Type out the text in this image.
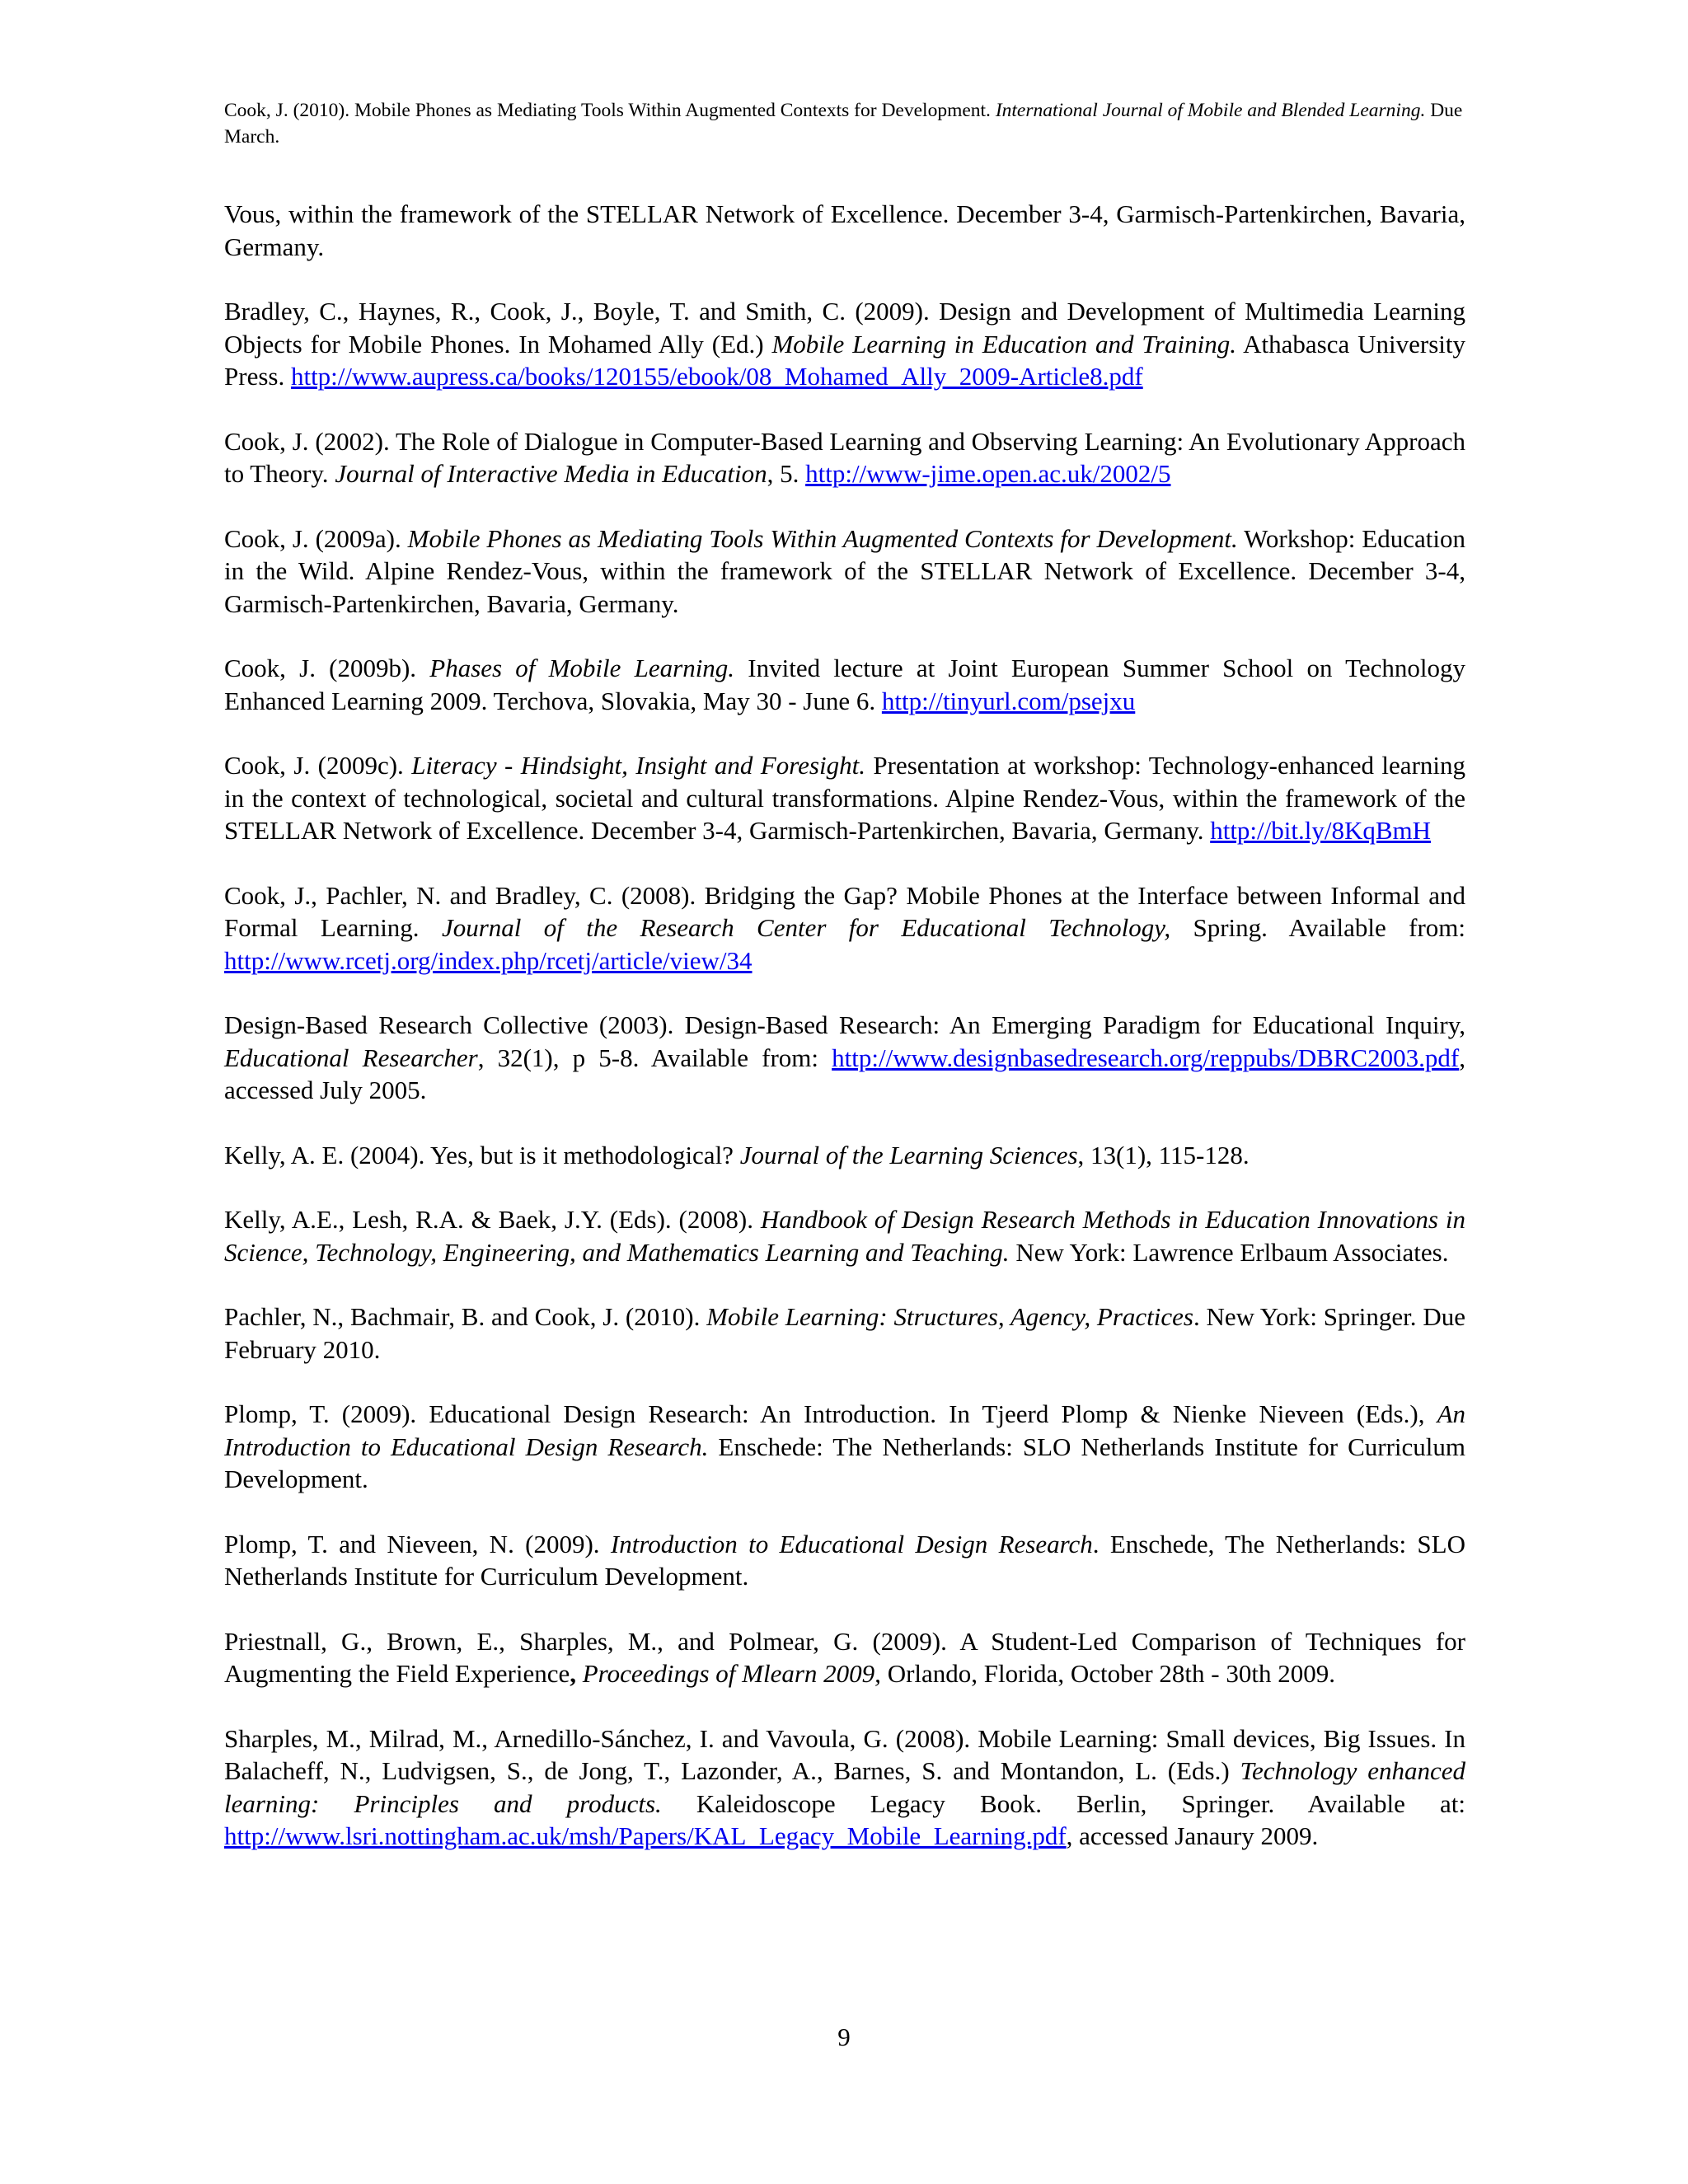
Cook, J. (2010). Mobile Phones as Mediating Tools Within Augmented Contexts for Development. International Journal of Mobile and Blended Learning. Due March.

Vous, within the framework of the STELLAR Network of Excellence. December 3-4, Garmisch-Partenkirchen, Bavaria, Germany.

Bradley, C., Haynes, R., Cook, J., Boyle, T. and Smith, C. (2009). Design and Development of Multimedia Learning Objects for Mobile Phones. In Mohamed Ally (Ed.) Mobile Learning in Education and Training. Athabasca University Press. http://www.aupress.ca/books/120155/ebook/08_Mohamed_Ally_2009-Article8.pdf

Cook, J. (2002). The Role of Dialogue in Computer-Based Learning and Observing Learning: An Evolutionary Approach to Theory. Journal of Interactive Media in Education, 5. http://www-jime.open.ac.uk/2002/5

Cook, J. (2009a). Mobile Phones as Mediating Tools Within Augmented Contexts for Development. Workshop: Education in the Wild. Alpine Rendez-Vous, within the framework of the STELLAR Network of Excellence. December 3-4, Garmisch-Partenkirchen, Bavaria, Germany.

Cook, J. (2009b). Phases of Mobile Learning. Invited lecture at Joint European Summer School on Technology Enhanced Learning 2009. Terchova, Slovakia, May 30 - June 6. http://tinyurl.com/psejxu

Cook, J. (2009c). Literacy - Hindsight, Insight and Foresight. Presentation at workshop: Technology-enhanced learning in the context of technological, societal and cultural transformations. Alpine Rendez-Vous, within the framework of the STELLAR Network of Excellence. December 3-4, Garmisch-Partenkirchen, Bavaria, Germany. http://bit.ly/8KqBmH

Cook, J., Pachler, N. and Bradley, C. (2008). Bridging the Gap? Mobile Phones at the Interface between Informal and Formal Learning. Journal of the Research Center for Educational Technology, Spring. Available from: http://www.rcetj.org/index.php/rcetj/article/view/34

Design-Based Research Collective (2003). Design-Based Research: An Emerging Paradigm for Educational Inquiry, Educational Researcher, 32(1), p 5-8. Available from: http://www.designbasedresearch.org/reppubs/DBRC2003.pdf, accessed July 2005.

Kelly, A. E. (2004). Yes, but is it methodological? Journal of the Learning Sciences, 13(1), 115-128.

Kelly, A.E., Lesh, R.A. & Baek, J.Y. (Eds). (2008). Handbook of Design Research Methods in Education Innovations in Science, Technology, Engineering, and Mathematics Learning and Teaching. New York: Lawrence Erlbaum Associates.

Pachler, N., Bachmair, B. and Cook, J. (2010). Mobile Learning: Structures, Agency, Practices. New York: Springer. Due February 2010.

Plomp, T. (2009). Educational Design Research: An Introduction. In Tjeerd Plomp & Nienke Nieveen (Eds.), An Introduction to Educational Design Research. Enschede: The Netherlands: SLO Netherlands Institute for Curriculum Development.

Plomp, T. and Nieveen, N. (2009). Introduction to Educational Design Research. Enschede, The Netherlands: SLO Netherlands Institute for Curriculum Development.

Priestnall, G., Brown, E., Sharples, M., and Polmear, G. (2009). A Student-Led Comparison of Techniques for Augmenting the Field Experience, Proceedings of Mlearn 2009, Orlando, Florida, October 28th - 30th 2009.

Sharples, M., Milrad, M., Arnedillo-Sánchez, I. and Vavoula, G. (2008). Mobile Learning: Small devices, Big Issues. In Balacheff, N., Ludvigsen, S., de Jong, T., Lazonder, A., Barnes, S. and Montandon, L. (Eds.) Technology enhanced learning: Principles and products. Kaleidoscope Legacy Book. Berlin, Springer. Available at: http://www.lsri.nottingham.ac.uk/msh/Papers/KAL_Legacy_Mobile_Learning.pdf, accessed Janaury 2009.

9
